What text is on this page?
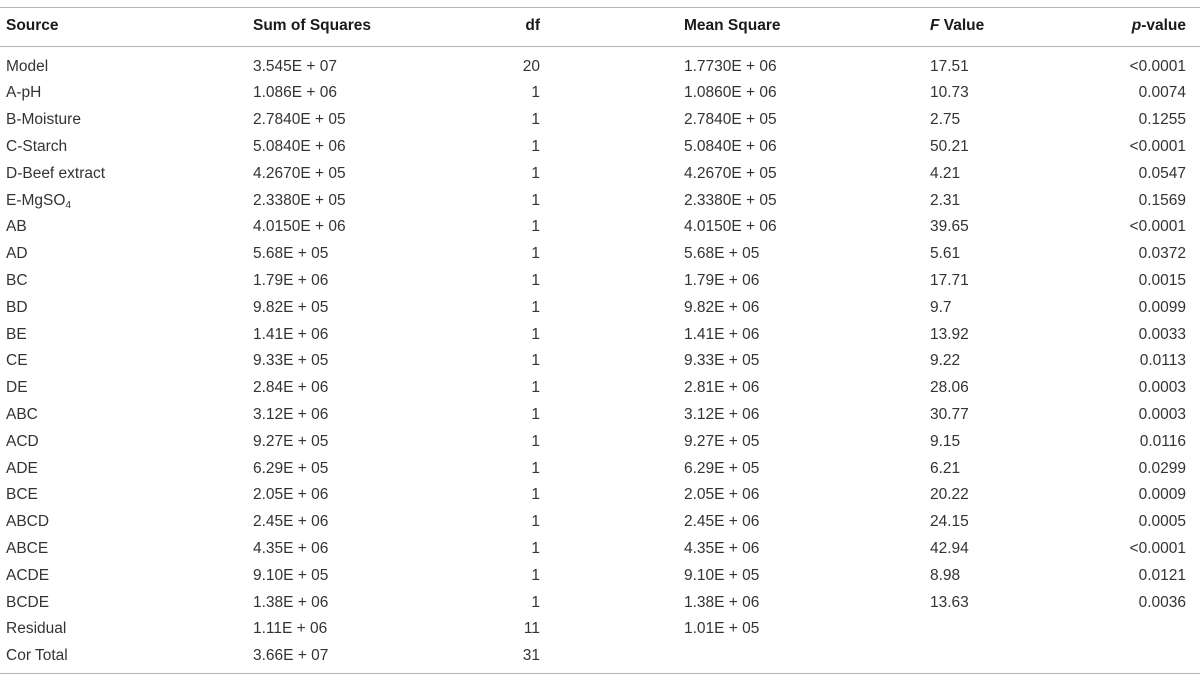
Source	Sum of Squares	df	Mean Square	F Value	p-value
Model	3.545E + 07	20	1.7730E + 06	17.51	<0.0001
A-pH	1.086E + 06	1	1.0860E + 06	10.73	0.0074
B-Moisture	2.7840E + 05	1	2.7840E + 05	2.75	0.1255
C-Starch	5.0840E + 06	1	5.0840E + 06	50.21	<0.0001
D-Beef extract	4.2670E + 05	1	4.2670E + 05	4.21	0.0547
E-MgSO$_4$	2.3380E + 05	1	2.3380E + 05	2.31	0.1569
AB	4.0150E + 06	1	4.0150E + 06	39.65	<0.0001
AD	5.68E + 05	1	5.68E + 05	5.61	0.0372
BC	1.79E + 06	1	1.79E + 06	17.71	0.0015
BD	9.82E + 05	1	9.82E + 06	9.7	0.0099
BE	1.41E + 06	1	1.41E + 06	13.92	0.0033
CE	9.33E + 05	1	9.33E + 05	9.22	0.0113
DE	2.84E + 06	1	2.81E + 06	28.06	0.0003
ABC	3.12E + 06	1	3.12E + 06	30.77	0.0003
ACD	9.27E + 05	1	9.27E + 05	9.15	0.0116
ADE	6.29E + 05	1	6.29E + 05	6.21	0.0299
BCE	2.05E + 06	1	2.05E + 06	20.22	0.0009
ABCD	2.45E + 06	1	2.45E + 06	24.15	0.0005
ABCE	4.35E + 06	1	4.35E + 06	42.94	<0.0001
ACDE	9.10E + 05	1	9.10E + 05	8.98	0.0121
BCDE	1.38E + 06	1	1.38E + 06	13.63	0.0036
Residual	1.11E + 06	11	1.01E + 05
Cor Total	3.66E + 07	31
